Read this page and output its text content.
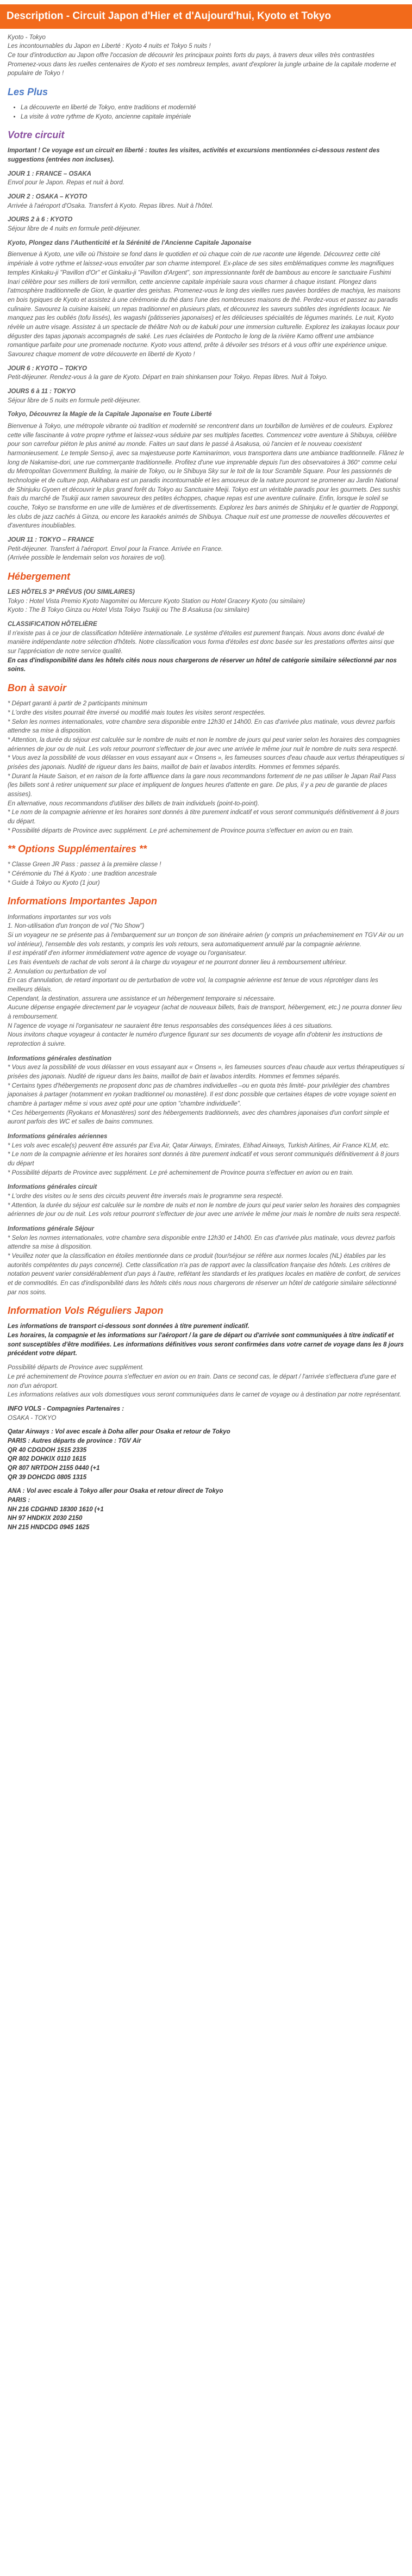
Description - Circuit Japon d'Hier et d'Aujourd'hui, Kyoto et Tokyo

Kyoto - Tokyo
Les incontournables du Japon en Liberté : Kyoto 4 nuits et Tokyo 5 nuits !
Ce tour d'introduction au Japon offre l'occasion de découvrir les principaux points forts du pays, à travers deux villes très contrastées Promenez-vous dans les ruelles centenaires de Kyoto et ses nombreux temples, avant d'explorer la jungle urbaine de la capitale moderne et populaire de Tokyo !

Les Plus
• La découverte en liberté de Tokyo, entre traditions et modernité
• La visite à votre rythme de Kyoto, ancienne capitale impériale
Votre circuit

Important ! Ce voyage est un circuit en liberté : toutes les visites, activités et excursions mentionnées ci-dessous restent des suggestions (entrées non incluses).

JOUR 1 : FRANCE – OSAKA
Envol pour le Japon. Repas et nuit à bord.

JOUR 2 : OSAKA – KYOTO
Arrivée à l'aéroport d'Osaka. Transfert à Kyoto. Repas libres. Nuit à l'hôtel.

JOURS 2 à 6 : KYOTO
Séjour libre de 4 nuits en formule petit-déjeuner.

Kyoto, Plongez dans l'Authenticité et la Sérénité de l'Ancienne Capitale Japonaise
Bienvenue à Kyoto, une ville où l'histoire se fond dans le quotidien et où chaque coin de rue raconte une légende. Découvrez cette cité impériale à votre rythme et laissez-vous envoûter par son charme intemporel. Ex-place de ses sites emblématiques comme les magnifiques temples Kinkaku-ji "Pavillon d'Or" et Ginkaku-ji "Pavillon d'Argent", son impressionnante forêt de bambous au encore le sanctuaire Fushimi Inari célèbre pour ses milliers de torii vermillon, cette ancienne capitale impériale saura vous charmer à chaque instant. Plongez dans l'atmosphère traditionnelle de Gion, le quartier des geishas. Promenez-vous le long des vieilles rues pavées bordées de machiya, les maisons en bois typiques de Kyoto et assistez à une cérémonie du thé dans l'une des nombreuses maisons de thé. Perdez-vous et passez au paradis culinaire. Savourez la cuisine kaiseki, un repas traditionnel en plusieurs plats, et découvrez les saveurs subtiles des ingrédients locaux. Ne manquez pas les oubliés (tofu lissés), les wagashi (pâtisseries japonaises) et les délicieuses spécialités de légumes marinés. Le nuit, Kyoto révèle un autre visage. Assistez à un spectacle de théâtre Noh ou de kabuki pour une immersion culturelle. Explorez les izakayas locaux pour déguster des tapas japonais accompagnés de saké. Les rues éclairées de Pontocho le long de la rivière Kamo offrent une ambiance romantique parfaite pour une promenade nocturne. Kyoto vous attend, prête à dévoiler ses trésors et à vous offrir une expérience unique. Savourez chaque moment de votre découverte en liberté de Kyoto !

JOUR 6 : KYOTO – TOKYO
Petit-déjeuner. Rendez-vous à la gare de Kyoto. Départ en train shinkansen pour Tokyo. Repas libres. Nuit à Tokyo.

JOURS 6 à 11 : TOKYO
Séjour libre de 5 nuits en formule petit-déjeuner.

Tokyo, Découvrez la Magie de la Capitale Japonaise en Toute Liberté
Bienvenue à Tokyo, une métropole vibrante où tradition et modernité se rencontrent dans un tourbillon de lumières et de couleurs. Explorez cette ville fascinante à votre propre rythme et laissez-vous séduire par ses multiples facettes. Commencez votre aventure à Shibuya, célèbre pour son carrefour piéton le plus animé au monde. Faites un saut dans le passé à Asakusa, où l'ancien et le nouveau coexistent harmonieusement. Le temple Senso-ji, avec sa majestueuse porte Kaminarimon, vous transportera dans une ambiance traditionnelle. Flânez le long de Nakamise-dori, une rue commerçante traditionnelle. Profitez d'une vue imprenable depuis l'un des observatoires à 360° comme celui du Metropolitan Government Building, la mairie de Tokyo, ou le Shibuya Sky sur le toit de la tour Scramble Square. Pour les passionnés de technologie et de culture pop, Akihabara est un paradis incontournable et les amoureux de la nature pourront se promener au Jardin National de Shinjuku Gyoen et découvrir le plus grand forêt du Tokyo au Sanctuaire Meiji. Tokyo est un véritable paradis pour les gourmets. Des sushis frais du marché de Tsukiji aux ramen savoureux des petites échoppes, chaque repas est une aventure culinaire. Enfin, lorsque le soleil se couche, Tokyo se transforme en une ville de lumières et de divertissements. Explorez les bars animés de Shinjuku et le quartier de Roppongi, les clubs de jazz cachés à Ginza, ou encore les karaokés animés de Shibuya. Chaque nuit est une promesse de nouvelles découvertes et d'aventures inoubliables.

JOUR 11 : TOKYO – FRANCE
Petit-déjeuner. Transfert à l'aéroport. Envol pour la France. Arrivée en France.
(Arrivée possible le lendemain selon vos horaires de vol).

Hébergement

LES HÔTELS 3* PRÉVUS (OU SIMILAIRES)
Tokyo : Hotel Vista Premio Kyoto Nagomitei ou Mercure Kyoto Station ou Hotel Gracery Kyoto (ou similaire)
Kyoto : The B Tokyo Ginza ou Hotel Vista Tokyo Tsukiji ou The B Asakusa (ou similaire)

CLASSIFICATION HÔTELIÈRE
Il n'existe pas à ce jour de classification hôtelière internationale. Le système d'étoiles est purement français. Nous avons donc évalué de manière indépendante notre sélection d'hôtels. Notre classification vous forma d'étoiles est donc basée sur les prestations offertes ainsi que sur l'appréciation de notre service qualité.
En cas d'indisponibilité dans les hôtels cités nous nous chargerons de réserver un hôtel de catégorie similaire sélectionné par nos soins.

Bon à savoir

* Départ garanti à partir de 2 participants minimum
* L'ordre des visites pourrait être inversé ou modifié mais toutes les visites seront respectées.
* Selon les normes internationales, votre chambre sera disponible entre 12h30 et 14h00. En cas d'arrivée plus matinale, vous devrez parfois attendre sa mise à disposition.
* Attention, la durée du séjour est calculée sur le nombre de nuits et non le nombre de jours qui peut varier selon les horaires des compagnies aériennes de jour ou de nuit. Les vols retour pourront s'effectuer de jour avec une arrivée le même jour nuit le nombre de nuits sera respecté.
* Vous avez la possibilité de vous délasser en vous essayant aux « Onsens », les fameuses sources d'eau chaude aux vertus thérapeutiques si prisées des japonais. Nudité de rigueur dans les bains, maillot de bain et lavabos interdits. Hommes et femmes séparés.
* Durant la Haute Saison, et en raison de la forte affluence dans la gare nous recommandons fortement de ne pas utiliser le Japan Rail Pass (les billets sont à retirer uniquement sur place et impliquent de longues heures d'attente en gare. De plus, il y a peu de garantie de places assises).
En alternative, nous recommandons d'utiliser des billets de train individuels (point-to-point).
* Le nom de la compagnie aérienne et les horaires sont donnés à titre purement indicatif et vous seront communiqués définitivement à 8 jours du départ.
* Possibilité départs de Province avec supplément. Le pré acheminement de Province pourra s'effectuer en avion ou en train.

** Options Supplémentaires **

* Classe Green JR Pass : passez à la première classe !
* Cérémonie du Thé à Kyoto : une tradition ancestrale
* Guide à Tokyo ou Kyoto (1 jour)

Informations Importantes Japon

Informations importantes sur vos vols
1. Non-utilisation d'un tronçon de vol ("No Show")
Si un voyageur ne se présente pas à l'embarquement sur un tronçon de son itinéraire aérien (y compris un préacheminement en TGV Air ou un vol intérieur), l'ensemble des vols restants, y compris les vols retours, sera automatiquement annulé par la compagnie aérienne.
Il est impératif d'en informer immédiatement votre agence de voyage ou l'organisateur.
Les frais éventuels de rachat de vols seront à la charge du voyageur et ne pourront donner lieu à remboursement ultérieur.
2. Annulation ou perturbation de vol
En cas d'annulation, de retard important ou de perturbation de votre vol, la compagnie aérienne est tenue de vous réprotéger dans les meilleurs délais.
Cependant, la destination, assurera une assistance et un hébergement temporaire si nécessaire.
Aucune dépense engagée directement par le voyageur (achat de nouveaux billets, frais de transport, hébergement, etc.) ne pourra donner lieu à remboursement.
N l'agence de voyage ni l'organisateur ne sauraient être tenus responsables des conséquences liées à ces situations.
Nous invitons chaque voyageur à contacter le numéro d'urgence figurant sur ses documents de voyage afin d'obtenir les instructions de reprotection à suivre.

Informations générales destination
* Vous avez la possibilité de vous délasser en vous essayant aux « Onsens », les fameuses sources d'eau chaude aux vertus thérapeutiques si prisées des japonais. Nudité de rigueur dans les bains, maillot de bain et lavabos interdits. Hommes et femmes séparés.
* Certains types d'hébergements ne proposent donc pas de chambres individuelles –ou en quota très limité- pour privilégier des chambres japonaises à partager (notamment en ryokan traditionnel ou monastère). Il est donc possible que certaines étapes de votre voyage soient en chambre à partager même si vous avez opté pour une option "chambre individuelle".
* Ces hébergements (Ryokans et Monastères) sont des hébergements traditionnels, avec des chambres japonaises d'un confort simple et auront parfois des WC et salles de bains communes.

Informations générales aériennes
* Les vols avec escale(s) peuvent être assurés par Eva Air, Qatar Airways, Emirates, Etihad Airways, Turkish Airlines, Air France KLM, etc.
* Le nom de la compagnie aérienne et les horaires sont donnés à titre purement indicatif et vous seront communiqués définitivement à 8 jours du départ
* Possibilité départs de Province avec supplément. Le pré acheminement de Province pourra s'effectuer en avion ou en train.

Informations générales circuit
* L'ordre des visites ou le sens des circuits peuvent être inversés mais le programme sera respecté.
* Attention, la durée du séjour est calculée sur le nombre de nuits et non le nombre de jours qui peut varier selon les horaires des compagnies aériennes de jour ou de nuit. Les vols retour pourront s'effectuer de jour avec une arrivée le même jour mais le nombre de nuits sera respecté.

Informations générale Séjour
* Selon les normes internationales, votre chambre sera disponible entre 12h30 et 14h00. En cas d'arrivée plus matinale, vous devrez parfois attendre sa mise à disposition.
* Veuillez noter que la classification en étoiles mentionnée dans ce produit (tour/séjour se réfère aux normes locales (NL) établies par les autorités compétentes du pays concerné). Cette classification n'a pas de rapport avec la classification française des hôtels. Les critères de notation peuvent varier considérablement d'un pays à l'autre, reflétant les standards et les pratiques locales en matière de confort, de services et de commodités. En cas d'indisponibilité dans les hôtels cités nous nous chargerons de réserver un hôtel de catégorie similaire sélectionné par nos soins.

Information Vols Réguliers Japon

Les informations de transport ci-dessous sont données à titre purement indicatif.
Les horaires, la compagnie et les informations sur l'aéroport / la gare de départ ou d'arrivée sont communiquées à titre indicatif et sont susceptibles d'être modifiées. Les informations définitives vous seront confirmées dans votre carnet de voyage dans les 8 jours précédent votre départ.

Possibilité départs de Province avec supplément.
Le pré acheminement de Province pourra s'effectuer en avion ou en train. Dans ce second cas, le départ / l'arrivée s'effectuera d'une gare et non d'un aéroport.
Les informations relatives aux vols domestiques vous seront communiquées dans le carnet de voyage ou à destination par notre représentant.

INFO VOLS - Compagnies Partenaires :
OSAKA - TOKYO

Qatar Airways : Vol avec escale à Doha aller pour Osaka et retour de Tokyo
PARIS : Autres départs de province : TGV Air
QR 40 CDGDOH 1515 2335
QR 802 DOHKIX 0110 1615
QR 807 NRTDOH 2155 0440 (+1
QR 39 DOHCDG 0805 1315

ANA : Vol avec escale à Tokyo aller pour Osaka et retour direct de Tokyo
PARIS :
NH 216 CDGHND 18300 1610 (+1
NH 97 HNDKIX 2030 2150
NH 215 HNDCDG 0945 1625
